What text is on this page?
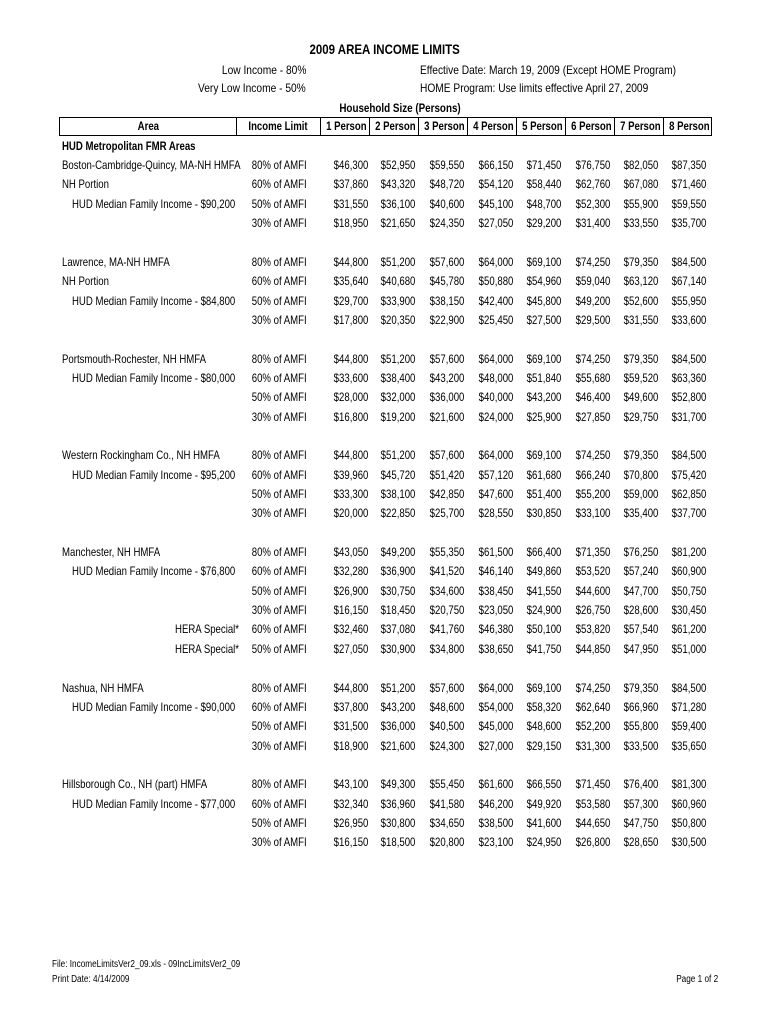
2009 AREA INCOME LIMITS
Low Income - 80%
Very Low Income - 50%
Effective Date: March 19, 2009 (Except HOME Program)
HOME Program: Use limits effective April 27, 2009
Household Size (Persons)
Area	Income Limit	1 Person 2 Person 3 Person 4 Person 5 Person 6 Person 7 Person 8 Person
HUD Metropolitan FMR Areas
Boston-Cambridge-Quincy, MA-NH HMFA 80% of AMFI	$46,300	$52,950	$59,550	$66,150	$71,450	$76,750	$82,050	$87,350
NH Portion	60% of AMFI	$37,860	$43,320	$48,720	$54,120	$58,440	$62,760	$67,080	$71,460
HUD Median Family Income - $90,200	50% of AMFI	$31,550	$36,100	$40,600	$45,100	$48,700	$52,300	$55,900	$59,550
30% of AMFI	$18,950	$21,650	$24,350	$27,050	$29,200	$31,400	$33,550	$35,700
Lawrence, MA-NH HMFA	80% of AMFI	$44,800	$51,200	$57,600	$64,000	$69,100	$74,250	$79,350	$84,500
NH Portion	60% of AMFI	$35,640	$40,680	$45,780	$50,880	$54,960	$59,040	$63,120	$67,140
HUD Median Family Income - $84,800	50% of AMFI	$29,700	$33,900	$38,150	$42,400	$45,800	$49,200	$52,600	$55,950
30% of AMFI	$17,800	$20,350	$22,900	$25,450	$27,500	$29,500	$31,550	$33,600
Portsmouth-Rochester, NH HMFA	80% of AMFI	$44,800	$51,200	$57,600	$64,000	$69,100	$74,250	$79,350	$84,500
HUD Median Family Income - $80,000	60% of AMFI	$33,600	$38,400	$43,200	$48,000	$51,840	$55,680	$59,520	$63,360
50% of AMFI	$28,000	$32,000	$36,000	$40,000	$43,200	$46,400	$49,600	$52,800
30% of AMFI	$16,800	$19,200	$21,600	$24,000	$25,900	$27,850	$29,750	$31,700
Western Rockingham Co., NH HMFA	80% of AMFI	$44,800	$51,200	$57,600	$64,000	$69,100	$74,250	$79,350	$84,500
HUD Median Family Income - $95,200	60% of AMFI	$39,960	$45,720	$51,420	$57,120	$61,680	$66,240	$70,800	$75,420
50% of AMFI	$33,300	$38,100	$42,850	$47,600	$51,400	$55,200	$59,000	$62,850
30% of AMFI	$20,000	$22,850	$25,700	$28,550	$30,850	$33,100	$35,400	$37,700
Manchester, NH HMFA	80% of AMFI	$43,050	$49,200	$55,350	$61,500	$66,400	$71,350	$76,250	$81,200
HUD Median Family Income - $76,800	60% of AMFI	$32,280	$36,900	$41,520	$46,140	$49,860	$53,520	$57,240	$60,900
50% of AMFI	$26,900	$30,750	$34,600	$38,450	$41,550	$44,600	$47,700	$50,750
30% of AMFI	$16,150	$18,450	$20,750	$23,050	$24,900	$26,750	$28,600	$30,450
HERA Special*	60% of AMFI	$32,460	$37,080	$41,760	$46,380	$50,100	$53,820	$57,540	$61,200
HERA Special*	50% of AMFI	$27,050	$30,900	$34,800	$38,650	$41,750	$44,850	$47,950	$51,000
Nashua, NH HMFA	80% of AMFI	$44,800	$51,200	$57,600	$64,000	$69,100	$74,250	$79,350	$84,500
HUD Median Family Income - $90,000	60% of AMFI	$37,800	$43,200	$48,600	$54,000	$58,320	$62,640	$66,960	$71,280
50% of AMFI	$31,500	$36,000	$40,500	$45,000	$48,600	$52,200	$55,800	$59,400
30% of AMFI	$18,900	$21,600	$24,300	$27,000	$29,150	$31,300	$33,500	$35,650
Hillsborough Co., NH (part) HMFA	80% of AMFI	$43,100	$49,300	$55,450	$61,600	$66,550	$71,450	$76,400	$81,300
HUD Median Family Income - $77,000	60% of AMFI	$32,340	$36,960	$41,580	$46,200	$49,920	$53,580	$57,300	$60,960
50% of AMFI	$26,950	$30,800	$34,650	$38,500	$41,600	$44,650	$47,750	$50,800
30% of AMFI	$16,150	$18,500	$20,800	$23,100	$24,950	$26,800	$28,650	$30,500
File: IncomeLimitsVer2_09.xls - 09IncLimitsVer2_09
Print Date: 4/14/2009	Page 1 of 2
